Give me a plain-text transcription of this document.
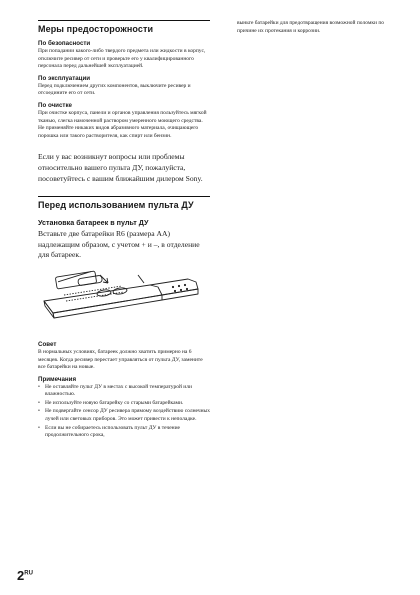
Меры предосторожности
По безопасности
При попадании какого-либо твердого предмета или жидкости в корпус, отключите ресивер от сети и проверьте его у квалифицированного персонала перед дальнейшей эксплуатацией.
По эксплуатации
Перед подключением других компонентов, выключите ресивер и отсоедините его от сети.
По очистке
При очистке корпуса, панели и органов управления пользуйтесь мягкой тканью, слегка намоченной раствором умеренного моющего средства. Не применяйте никаких видов абразивного материала, очищающего порошка или такого растворителя, как спирт или бензин.
Если у вас возникнут вопросы или проблемы относительно вашего пульта ДУ, пожалуйста, посоветуйтесь с вашим ближайшим дилером Sony.
Перед использованием пульта ДУ
Установка батареек в пульт ДУ
Вставьте две батарейки R6 (размера AA) надлежащим образом, с учетом + и –, в отделение для батареек.
Совет
В нормальных условиях, батареек должно хватить примерно на 6 месяцев. Когда ресивер перестает управляться от пульта ДУ, замените все батарейки на новые.
Примечания
• Не оставляйте пульт ДУ в местах с высокой температурой или влажностью.
• Не используйте новую батарейку со старыми батарейками.
• Не подвергайте сенсор ДУ ресивера прямому воздействию солнечных лучей или световых приборов. Это может привести к неполадке.
• Если вы не собираетесь использовать пульт ДУ в течение продолжительного срока,
выньте батарейки для предотвращения возможной поломки по причине их протекания и коррозии.
$2^{RU}$
